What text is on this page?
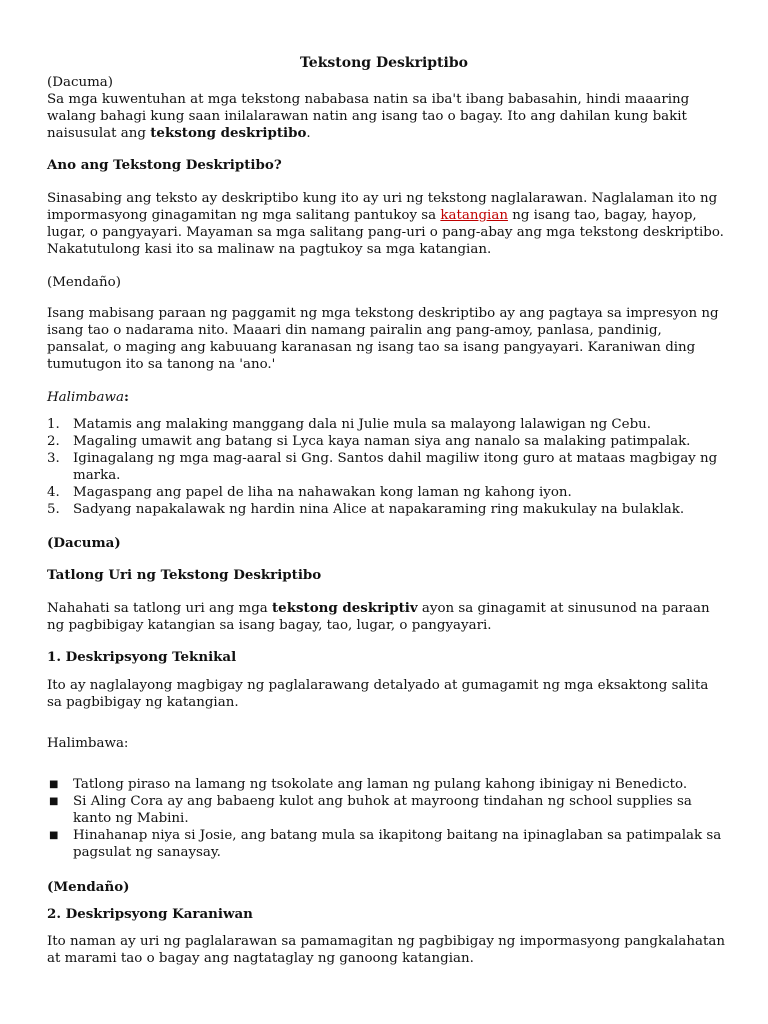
Tekstong Deskriptibo

(Dacuma)

Sa mga kuwentuhan at mga tekstong nababasa natin sa iba't ibang babasahin, hindi maaaring walang bahagi kung saan inilalarawan natin ang isang tao o bagay. Ito ang dahilan kung bakit naisusulat ang tekstong deskriptibo.

Ano ang Tekstong Deskriptibo?

Sinasabing ang teksto ay deskriptibo kung ito ay uri ng tekstong naglalarawan. Naglalaman ito ng impormasyong ginagamitan ng mga salitang pantukoy sa katangian ng isang tao, bagay, hayop, lugar, o pangyayari. Mayaman sa mga salitang pang-uri o pang-abay ang mga tekstong deskriptibo. Nakatutulong kasi ito sa malinaw na pagtukoy sa mga katangian.

(Mendaño)

Isang mabisang paraan ng paggamit ng mga tekstong deskriptibo ay ang pagtaya sa impresyon ng isang tao o nadarama nito. Maaari din namang pairalin ang pang-amoy, panlasa, pandinig, pansalat, o maging ang kabuuang karanasan ng isang tao sa isang pangyayari. Karaniwan ding tumutugon ito sa tanong na 'ano.'

Halimbawa:

1. Matamis ang malaking manggang dala ni Julie mula sa malayong lalawigan ng Cebu.
2. Magaling umawit ang batang si Lyca kaya naman siya ang nanalo sa malaking patimpalak.
3. Iginagalang ng mga mag-aaral si Gng. Santos dahil magiliw itong guro at mataas magbigay ng marka.
4. Magaspang ang papel de liha na nahawakan kong laman ng kahong iyon.
5. Sadyang napakalawak ng hardin nina Alice at napakaraming ring makukulay na bulaklak.

(Dacuma)

Tatlong Uri ng Tekstong Deskriptibo

Nahahati sa tatlong uri ang mga tekstong deskriptiv ayon sa ginagamit at sinusunod na paraan ng pagbibigay katangian sa isang bagay, tao, lugar, o pangyayari.

1. Deskripsyong Teknikal

Ito ay naglalayong magbigay ng paglalarawang detalyado at gumagamit ng mga eksaktong salita sa pagbibigay ng katangian.

Halimbawa:

■ Tatlong piraso na lamang ng tsokolate ang laman ng pulang kahong ibinigay ni Benedicto.
■ Si Aling Cora ay ang babaeng kulot ang buhok at mayroong tindahan ng school supplies sa kanto ng Mabini.
■ Hinahanap niya si Josie, ang batang mula sa ikapitong baitang na ipinaglaban sa patimpalak sa pagsulat ng sanaysay.

(Mendaño)

2. Deskripsyong Karaniwan

Ito naman ay uri ng paglalarawan sa pamamagitan ng pagbibigay ng impormasyong pangkalahatan at marami tao o bagay ang nagtataglay ng ganoong katangian.
